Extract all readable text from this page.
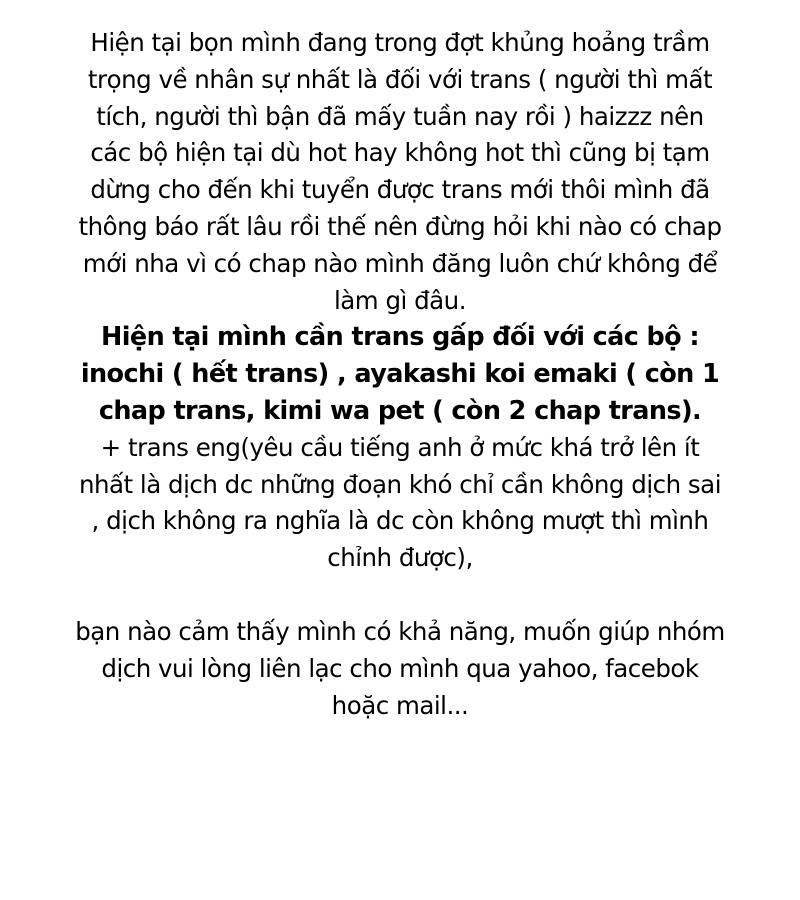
Hiện tại bọn mình đang trong đợt khủng hoảng trầm
trọng về nhân sự nhất là đối với trans ( người thì mất
tích, người thì bận đã mấy tuần nay rồi ) haizzz nên
các bộ hiện tại dù hot hay không hot thì cũng bị tạm
dừng cho đến khi tuyển được trans mới thôi mình đã
thông báo rất lâu rồi thế nên đừng hỏi khi nào có chap
mới nha vì có chap nào mình đăng luôn chứ không để
làm gì đâu.
Hiện tại mình cần trans gấp đối với các bộ :
inochi ( hết trans) , ayakashi koi emaki ( còn 1
chap trans, kimi wa pet ( còn 2 chap trans).
+ trans eng(yêu cầu tiếng anh ở mức khá trở lên ít
nhất là dịch dc những đoạn khó chỉ cần không dịch sai
, dịch không ra nghĩa là dc còn không mượt thì mình
chỉnh được),
bạn nào cảm thấy mình có khả năng, muốn giúp nhóm
dịch vui lòng liên lạc cho mình qua yahoo, facebok
hoặc mail...
